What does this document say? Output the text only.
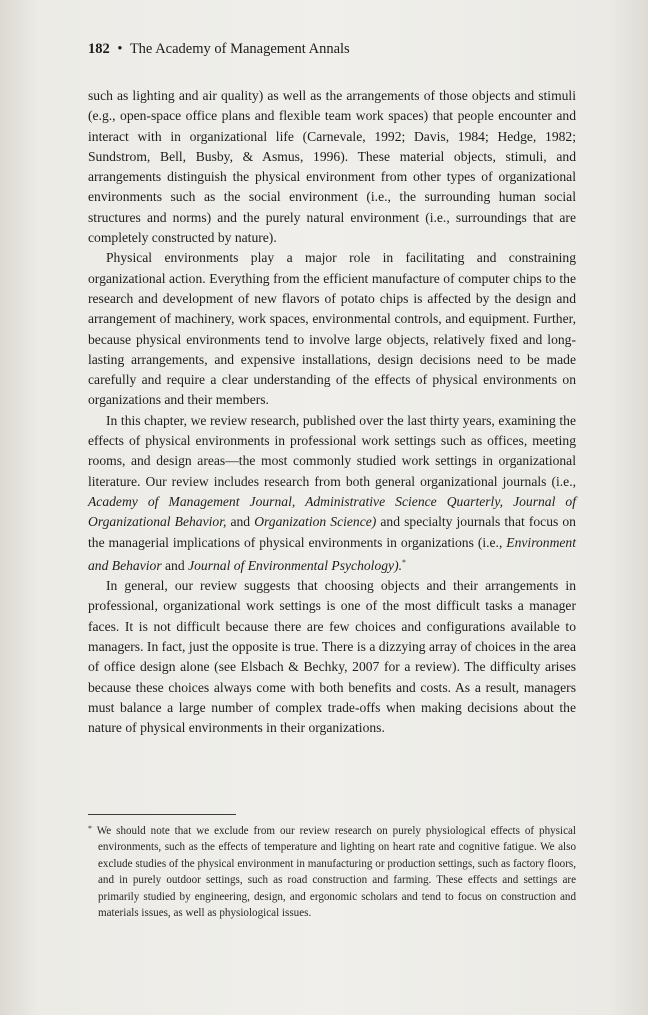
182 • The Academy of Management Annals

such as lighting and air quality) as well as the arrangements of those objects and stimuli (e.g., open-space office plans and flexible team work spaces) that people encounter and interact with in organizational life (Carnevale, 1992; Davis, 1984; Hedge, 1982; Sundstrom, Bell, Busby, & Asmus, 1996). These material objects, stimuli, and arrangements distinguish the physical environment from other types of organizational environments such as the social environment (i.e., the surrounding human social structures and norms) and the purely natural environment (i.e., surroundings that are completely constructed by nature).

Physical environments play a major role in facilitating and constraining organizational action. Everything from the efficient manufacture of computer chips to the research and development of new flavors of potato chips is affected by the design and arrangement of machinery, work spaces, environmental controls, and equipment. Further, because physical environments tend to involve large objects, relatively fixed and long-lasting arrangements, and expensive installations, design decisions need to be made carefully and require a clear understanding of the effects of physical environments on organizations and their members.

In this chapter, we review research, published over the last thirty years, examining the effects of physical environments in professional work settings such as offices, meeting rooms, and design areas—the most commonly studied work settings in organizational literature. Our review includes research from both general organizational journals (i.e., Academy of Management Journal, Administrative Science Quarterly, Journal of Organizational Behavior, and Organization Science) and specialty journals that focus on the managerial implications of physical environments in organizations (i.e., Environment and Behavior and Journal of Environmental Psychology).*

In general, our review suggests that choosing objects and their arrangements in professional, organizational work settings is one of the most difficult tasks a manager faces. It is not difficult because there are few choices and configurations available to managers. In fact, just the opposite is true. There is a dizzying array of choices in the area of office design alone (see Elsbach & Bechky, 2007 for a review). The difficulty arises because these choices always come with both benefits and costs. As a result, managers must balance a large number of complex trade-offs when making decisions about the nature of physical environments in their organizations.

* We should note that we exclude from our review research on purely physiological effects of physical environments, such as the effects of temperature and lighting on heart rate and cognitive fatigue. We also exclude studies of the physical environment in manufacturing or production settings, such as factory floors, and in purely outdoor settings, such as road construction and farming. These effects and settings are primarily studied by engineering, design, and ergonomic scholars and tend to focus on construction and materials issues, as well as physiological issues.
